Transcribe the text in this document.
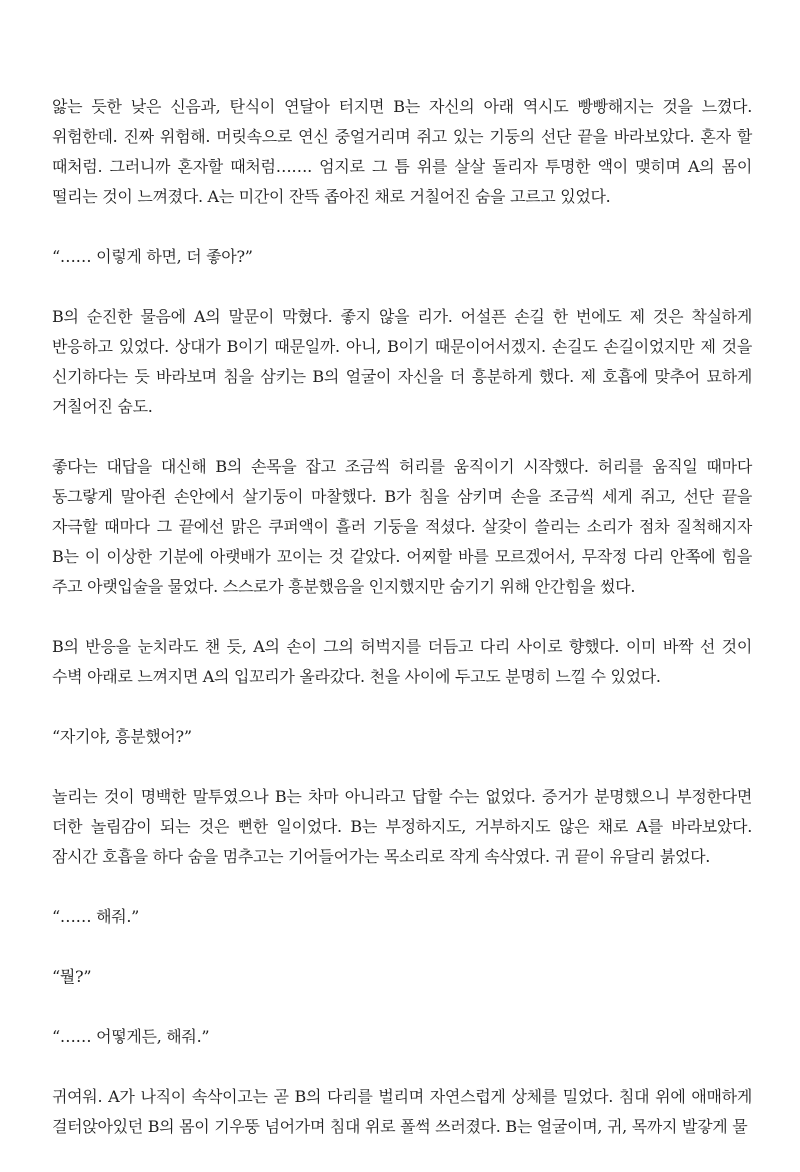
앓는 듯한 낮은 신음과, 탄식이 연달아 터지면 B는 자신의 아래 역시도 빵빵해지는 것을 느꼈다. 위험한데. 진짜 위험해. 머릿속으로 연신 중얼거리며 쥐고 있는 기둥의 선단 끝을 바라보았다. 혼자 할 때처럼. 그러니까 혼자할 때처럼……. 엄지로 그 틈 위를 살살 돌리자 투명한 액이 맺히며 A의 몸이 떨리는 것이 느껴졌다. A는 미간이 잔뜩 좁아진 채로 거칠어진 숨을 고르고 있었다.

“…… 이렇게 하면, 더 좋아?”

B의 순진한 물음에 A의 말문이 막혔다. 좋지 않을 리가. 어설픈 손길 한 번에도 제 것은 착실하게 반응하고 있었다. 상대가 B이기 때문일까. 아니, B이기 때문이어서겠지. 손길도 손길이었지만 제 것을 신기하다는 듯 바라보며 침을 삼키는 B의 얼굴이 자신을 더 흥분하게 했다. 제 호흡에 맞추어 묘하게 거칠어진 숨도.

좋다는 대답을 대신해 B의 손목을 잡고 조금씩 허리를 움직이기 시작했다. 허리를 움직일 때마다 동그랗게 말아쥔 손안에서 살기둥이 마찰했다. B가 침을 삼키며 손을 조금씩 세게 쥐고, 선단 끝을 자극할 때마다 그 끝에선 맑은 쿠퍼액이 흘러 기둥을 적셨다. 살갗이 쓸리는 소리가 점차 질척해지자 B는 이 이상한 기분에 아랫배가 꼬이는 것 같았다. 어찌할 바를 모르겠어서, 무작정 다리 안쪽에 힘을 주고 아랫입술을 물었다. 스스로가 흥분했음을 인지했지만 숨기기 위해 안간힘을 썼다.

B의 반응을 눈치라도 챈 듯, A의 손이 그의 허벅지를 더듬고 다리 사이로 향했다. 이미 바짝 선 것이 수벽 아래로 느껴지면 A의 입꼬리가 올라갔다. 천을 사이에 두고도 분명히 느낄 수 있었다.

“자기야, 흥분했어?”

놀리는 것이 명백한 말투였으나 B는 차마 아니라고 답할 수는 없었다. 증거가 분명했으니 부정한다면 더한 놀림감이 되는 것은 뻔한 일이었다. B는 부정하지도, 거부하지도 않은 채로 A를 바라보았다. 잠시간 호흡을 하다 숨을 멈추고는 기어들어가는 목소리로 작게 속삭였다. 귀 끝이 유달리 붉었다.

“…… 해줘.”

“뭘?”

“…… 어떻게든, 해줘.”

귀여워. A가 나직이 속삭이고는 곧 B의 다리를 벌리며 자연스럽게 상체를 밀었다. 침대 위에 애매하게 걸터앉아있던 B의 몸이 기우뚱 넘어가며 침대 위로 폴썩 쓰러졌다. B는 얼굴이며, 귀, 목까지 발갛게 물
